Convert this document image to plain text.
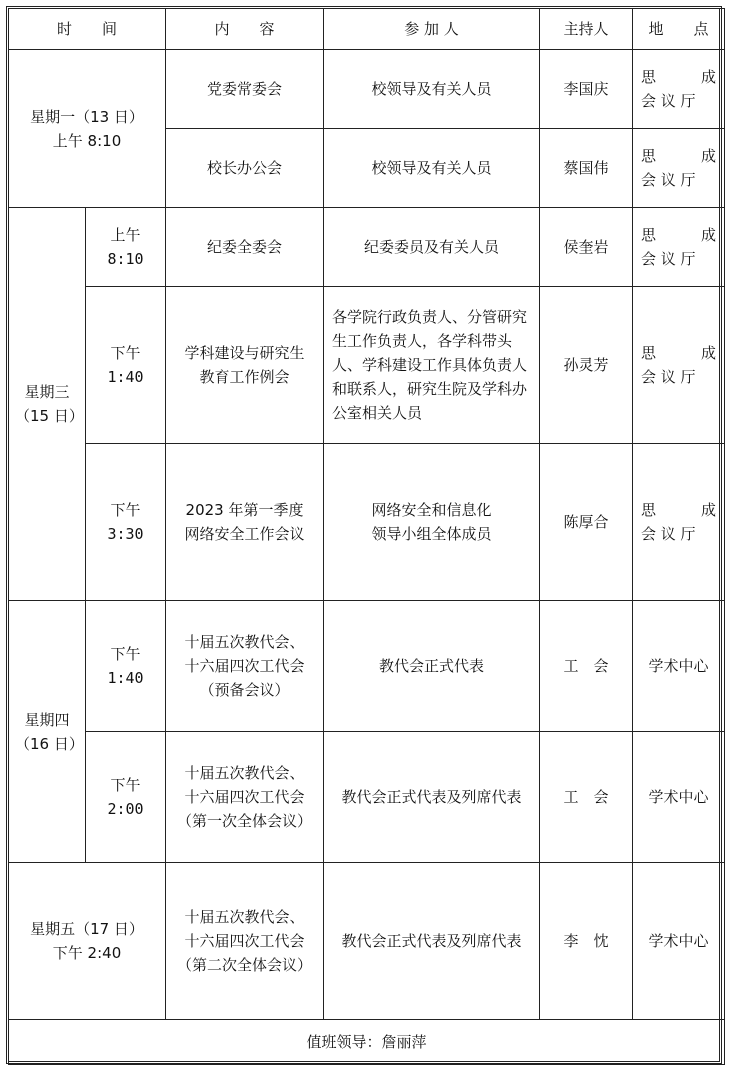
时　　间		内　　容	参 加 人	主持人	地　　点

星期一（13 日）
上午 8:10		党委常委会	校领导及有关人员	李国庆	思 成
会 议 厅

		校长办公会	校领导及有关人员	蔡国伟	思 成
会 议 厅

星期三
（15 日）	上午
8:10	纪委全委会	纪委委员及有关人员	侯奎岩	思 成
会 议 厅

	下午
1:40	学科建设与研究生
教育工作例会	各学院行政负责人、分管研究生工作负责人，各学科带头人、学科建设工作具体负责人和联系人，研究生院及学科办公室相关人员	孙灵芳	思 成
会 议 厅

	下午
3:30	2023 年第一季度
网络安全工作会议	网络安全和信息化
领导小组全体成员	陈厚合	思 成
会 议 厅

星期四
（16 日）	下午
1:40	十届五次教代会、
十六届四次工代会
（预备会议）	教代会正式代表	工　会	学术中心

	下午
2:00	十届五次教代会、
十六届四次工代会
（第一次全体会议）	教代会正式代表及列席代表	工　会	学术中心

星期五（17 日）
下午 2:40		十届五次教代会、
十六届四次工代会
（第二次全体会议）	教代会正式代表及列席代表	李　忱	学术中心
值班领导：詹丽萍					
